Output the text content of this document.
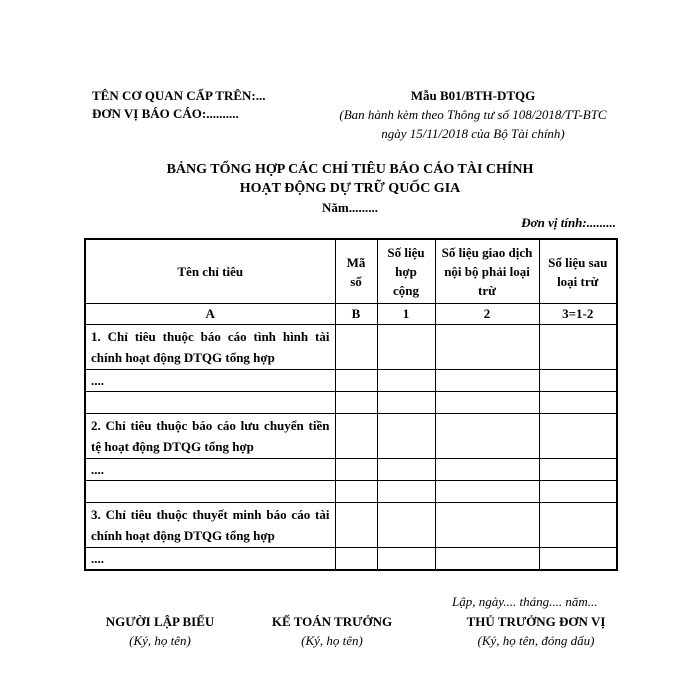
TÊN CƠ QUAN CẤP TRÊN:...
ĐƠN VỊ BÁO CÁO:..........
Mẫu B01/BTH-DTQG
(Ban hành kèm theo Thông tư số 108/2018/TT-BTC
ngày 15/11/2018 của Bộ Tài chính)
BẢNG TỔNG HỢP CÁC CHỈ TIÊU BÁO CÁO TÀI CHÍNH
HOẠT ĐỘNG DỰ TRỮ QUỐC GIA
Năm.........
Đơn vị tính:.........
Tên chỉ tiêu	Mã số	Số liệu hợp cộng	Số liệu giao dịch nội bộ phải loại trừ	Số liệu sau loại trừ
A	B	1	2	3=1-2
1. Chỉ tiêu thuộc báo cáo tình hình tài chính hoạt động DTQG tổng hợp				
....				

2. Chỉ tiêu thuộc báo cáo lưu chuyển tiền tệ hoạt động DTQG tổng hợp				
....				

3. Chỉ tiêu thuộc thuyết minh báo cáo tài chính hoạt động DTQG tổng hợp				
....				
Lập, ngày.... tháng.... năm...
NGƯỜI LẬP BIỂU
(Ký, họ tên)
KẾ TOÁN TRƯỞNG
(Ký, họ tên)
THỦ TRƯỞNG ĐƠN VỊ
(Ký, họ tên, đóng dấu)
